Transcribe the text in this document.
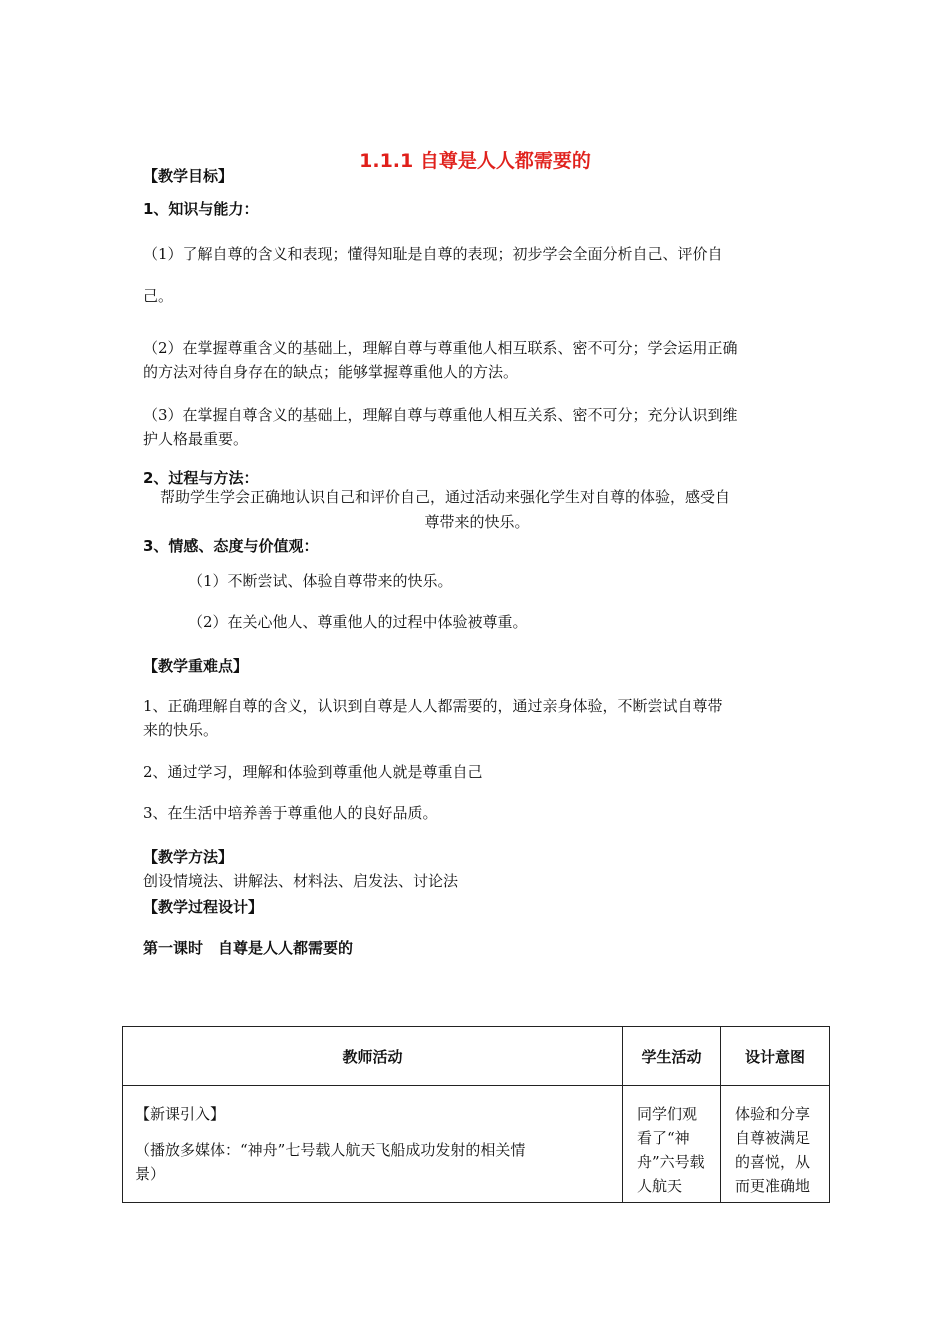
1.1.1 自尊是人人都需要的
【教学目标】
1、知识与能力：
（1）了解自尊的含义和表现；懂得知耻是自尊的表现；初步学会全面分析自己、评价自
己。
（2）在掌握尊重含义的基础上，理解自尊与尊重他人相互联系、密不可分；学会运用正确
的方法对待自身存在的缺点；能够掌握尊重他人的方法。
（3）在掌握自尊含义的基础上，理解自尊与尊重他人相互关系、密不可分；充分认识到维
护人格最重要。
2、过程与方法：
帮助学生学会正确地认识自己和评价自己，通过活动来强化学生对自尊的体验，感受自
尊带来的快乐。
3、情感、态度与价值观：
（1）不断尝试、体验自尊带来的快乐。
（2）在关心他人、尊重他人的过程中体验被尊重。
【教学重难点】
1、正确理解自尊的含义，认识到自尊是人人都需要的，通过亲身体验，不断尝试自尊带
来的快乐。
2、通过学习，理解和体验到尊重他人就是尊重自己
3、在生活中培养善于尊重他人的良好品质。
【教学方法】
创设情境法、讲解法、材料法、启发法、讨论法
【教学过程设计】
第一课时　自尊是人人都需要的
教师活动	学生活动	设计意图

【新课引入】
（播放多媒体：“神舟”七号载人航天飞船成功发射的相关情
景）	同学们观看了“神舟”六号载人航天	体验和分享自尊被满足的喜悦，从而更准确地
